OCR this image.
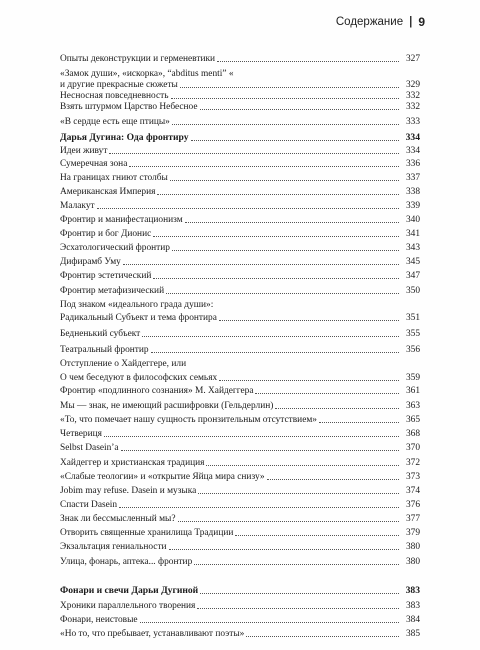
Содержание | 9
Опыты деконструкции и герменевтики	327
«Замок души», «искорка», “abditus menti” «
и другие прекрасные сюжеты	329
Несносная повседневность	332
Взять штурмом Царство Небесное	332
«В сердце есть еще птицы»	333
Дарья Дугина: Ода фронтиру	334
Идеи живут	334
Сумеречная зона	336
На границах гниют столбы	337
Американская Империя	338
Малакут	339
Фронтир и манифестационизм	340
Фронтир и бог Дионис	341
Эсхатологический фронтир	343
Дифирамб Уму	345
Фронтир эстетический	347
Фронтир метафизический	350
Под знаком «идеального града души»:
Радикальный Субъект и тема фронтира	351
Бедненький субъект	355
Театральный фронтир	356
Отступление о Хайдеггере, или
О чем беседуют в философских семьях	359
Фронтир «подлинного сознания» М. Хайдеггера	361
Мы — знак, не имеющий расшифровки (Гельдерлин)	363
«То, что помечает нашу сущность пронзительным отсутствием»	365
Четвериця	368
Selbst Dasein’а	370
Хайдеггер и христианская традиция	372
«Слабые теологии» и «открытие Яйца мира снизу»	373
Jobim may refuse. Dasein и музыка	374
Спасти Dasein	376
Знак ли бессмысленный мы?	377
Отворить священные хранилища Традиции	379
Экзальтация гениальности	380
Улица, фонарь, аптека... фронтир	380
Фонари и свечи Дарьи Дугиной	383
Хроники параллельного творения	383
Фонари, неистовые	384
«Но то, что пребывает, устанавливают поэты»	385
